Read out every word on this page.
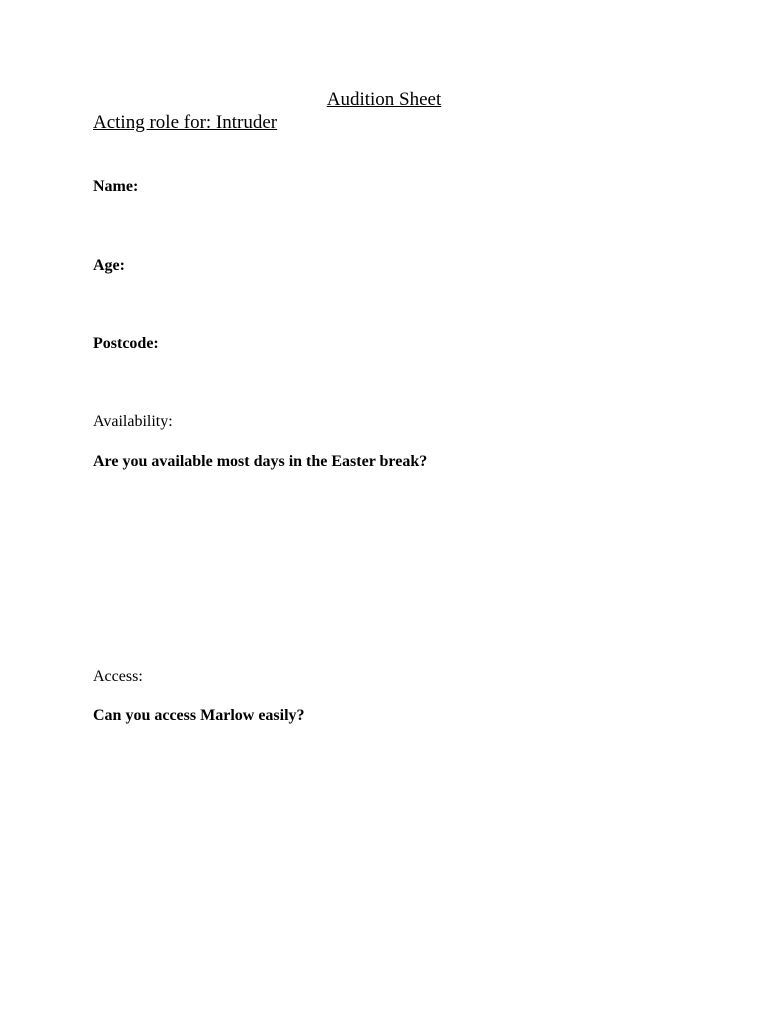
Audition Sheet
Acting role for: Intruder
Name:
Age:
Postcode:
Availability:
Are you available most days in the Easter break?
Access:
Can you access Marlow easily?
